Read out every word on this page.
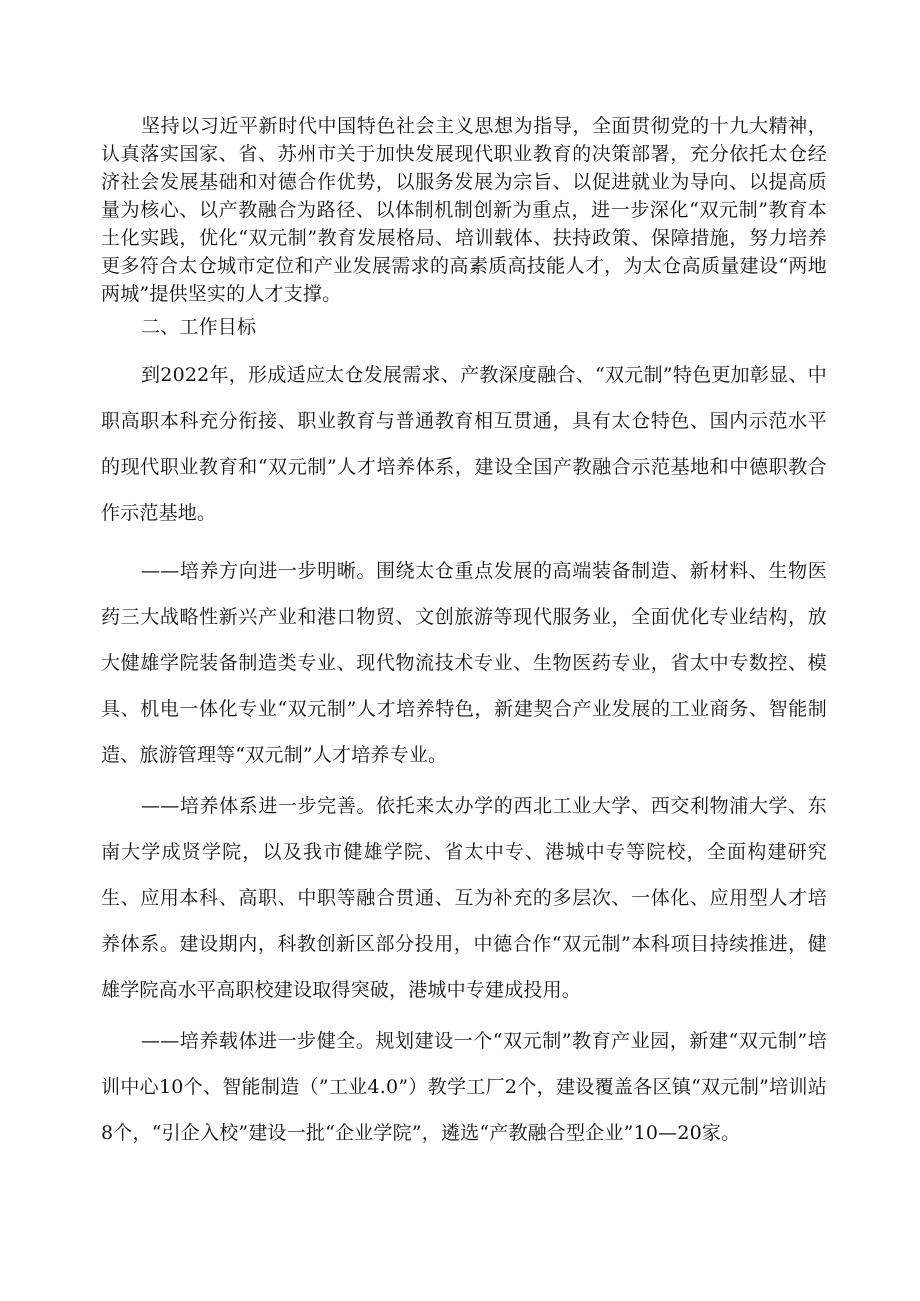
坚持以习近平新时代中国特色社会主义思想为指导，全面贯彻党的十九大精神，认真落实国家、省、苏州市关于加快发展现代职业教育的决策部署，充分依托太仓经济社会发展基础和对德合作优势，以服务发展为宗旨、以促进就业为导向、以提高质量为核心、以产教融合为路径、以体制机制创新为重点，进一步深化“双元制”教育本土化实践，优化“双元制”教育发展格局、培训载体、扶持政策、保障措施，努力培养更多符合太仓城市定位和产业发展需求的高素质高技能人才，为太仓高质量建设“两地两城”提供坚实的人才支撑。

二、工作目标

到2022年，形成适应太仓发展需求、产教深度融合、“双元制”特色更加彰显、中职高职本科充分衔接、职业教育与普通教育相互贯通，具有太仓特色、国内示范水平的现代职业教育和“双元制”人才培养体系，建设全国产教融合示范基地和中德职教合作示范基地。

——培养方向进一步明晰。围绕太仓重点发展的高端装备制造、新材料、生物医药三大战略性新兴产业和港口物贸、文创旅游等现代服务业，全面优化专业结构，放大健雄学院装备制造类专业、现代物流技术专业、生物医药专业，省太中专数控、模具、机电一体化专业“双元制”人才培养特色，新建契合产业发展的工业商务、智能制造、旅游管理等“双元制”人才培养专业。

——培养体系进一步完善。依托来太办学的西北工业大学、西交利物浦大学、东南大学成贤学院，以及我市健雄学院、省太中专、港城中专等院校，全面构建研究生、应用本科、高职、中职等融合贯通、互为补充的多层次、一体化、应用型人才培养体系。建设期内，科教创新区部分投用，中德合作“双元制”本科项目持续推进，健雄学院高水平高职校建设取得突破，港城中专建成投用。

——培养载体进一步健全。规划建设一个“双元制”教育产业园，新建“双元制”培训中心10个、智能制造（”工业4.0”）教学工厂2个，建设覆盖各区镇“双元制”培训站8个，“引企入校”建设一批“企业学院”，遴选“产教融合型企业”10—20家。
